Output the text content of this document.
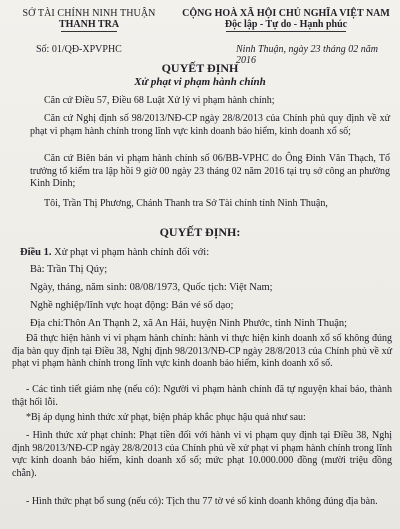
SỞ TÀI CHÍNH NINH THUẬN
THANH TRA
CỘNG HOÀ XÃ HỘI CHỦ NGHĨA VIỆT NAM
Độc lập - Tự do - Hạnh phúc
Số: 01/QĐ-XPVPHC	Ninh Thuận, ngày 23 tháng 02 năm 2016
QUYẾT ĐỊNH
Xử phạt vi phạm hành chính
Căn cứ Điều 57, Điều 68 Luật Xử lý vi phạm hành chính;
Căn cứ Nghị định số 98/2013/NĐ-CP ngày 28/8/2013 của Chính phủ quy định về xử phạt vi phạm hành chính trong lĩnh vực kinh doanh bảo hiểm, kinh doanh xổ số;
Căn cứ Biên bản vi phạm hành chính số 06/BB-VPHC do Ông Đinh Văn Thạch, Tổ trưởng tổ kiểm tra lập hồi 9 giờ 00 ngày 23 tháng 02 năm 2016 tại trụ sở công an phường Kinh Dinh;
Tôi, Trần Thị Phương, Chánh Thanh tra Sở Tài chính tỉnh Ninh Thuận,
QUYẾT ĐỊNH:
Điều 1. Xử phạt vi phạm hành chính đối với:
Bà: Trần Thị Qúy;
Ngày, tháng, năm sinh: 08/08/1973, Quốc tịch: Việt Nam;
Nghề nghiệp/lĩnh vực hoạt động: Bán vé số dạo;
Địa chỉ:Thôn An Thạnh 2, xã An Hải, huyện Ninh Phước, tỉnh Ninh Thuận;
Đã thực hiện hành vi vi phạm hành chính: hành vi thực hiện kinh doanh xổ số không đúng địa bàn quy định tại Điều 38, Nghị định 98/2013/NĐ-CP ngày 28/8/2013 của Chính phủ về xử phạt vi phạm hành chính trong lĩnh vực kinh doanh bảo hiểm, kinh doanh xổ số.
- Các tình tiết giảm nhẹ (nếu có): Người vi phạm hành chính đã tự nguyện khai báo, thành thật hối lỗi.
*Bị áp dụng hình thức xử phạt, biện pháp khắc phục hậu quả như sau:
- Hình thức xử phạt chính: Phạt tiền đối với hành vi vi phạm quy định tại Điều 38, Nghị định 98/2013/NĐ-CP ngày 28/8/2013 của Chính phủ về xử phạt vi phạm hành chính trong lĩnh vực kinh doanh bảo hiểm, kinh doanh xổ số; mức phạt 10.000.000 đồng (mười triệu đồng chẵn).
- Hình thức phạt bổ sung (nếu có): Tịch thu 77 tờ vé số kinh doanh không đúng địa bàn.
